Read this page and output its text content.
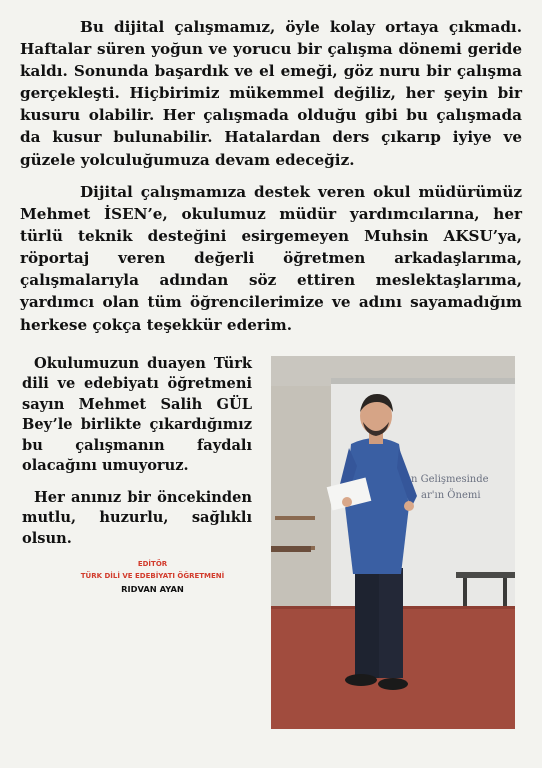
Bu dijital çalışmamız, öyle kolay ortaya çıkmadı. Haftalar süren yoğun ve yorucu bir çalışma dönemi geride kaldı. Sonunda başardık ve el emeği, göz nuru bir çalışma gerçekleşti. Hiçbirimiz mükemmel değiliz, her şeyin bir kusuru olabilir. Her çalışmada olduğu gibi bu çalışmada da kusur bulunabilir. Hatalardan ders çıkarıp iyiye ve güzele yolculuğumuza devam edeceğiz.

Dijital çalışmamıza destek veren okul müdürümüz Mehmet İSEN’e, okulumuz müdür yardımcılarına, her türlü teknik desteğini esirgemeyen Muhsin AKSU’ya, röportaj veren değerli öğretmen arkadaşlarıma, çalışmalarıyla adından söz ettiren meslektaşlarıma, yardımcı olan tüm öğrencilerimize ve adını sayamadığım herkese çokça teşekkür ederim.

Okulumuzun duayen Türk dili ve edebiyatı öğretmeni sayın Mehmet Salih GÜL Bey’le birlikte çıkardığımız bu çalışmanın faydalı olacağını umuyoruz.

Her anınız bir öncekinden mutlu, huzurlu, sağlıklı olsun.

EDİTÖR
TÜRK DİLİ VE EDEBİYATI ÖĞRETMENİ
RIDVAN AYAN
n Gelişmesinde
ar'ın Önemi
